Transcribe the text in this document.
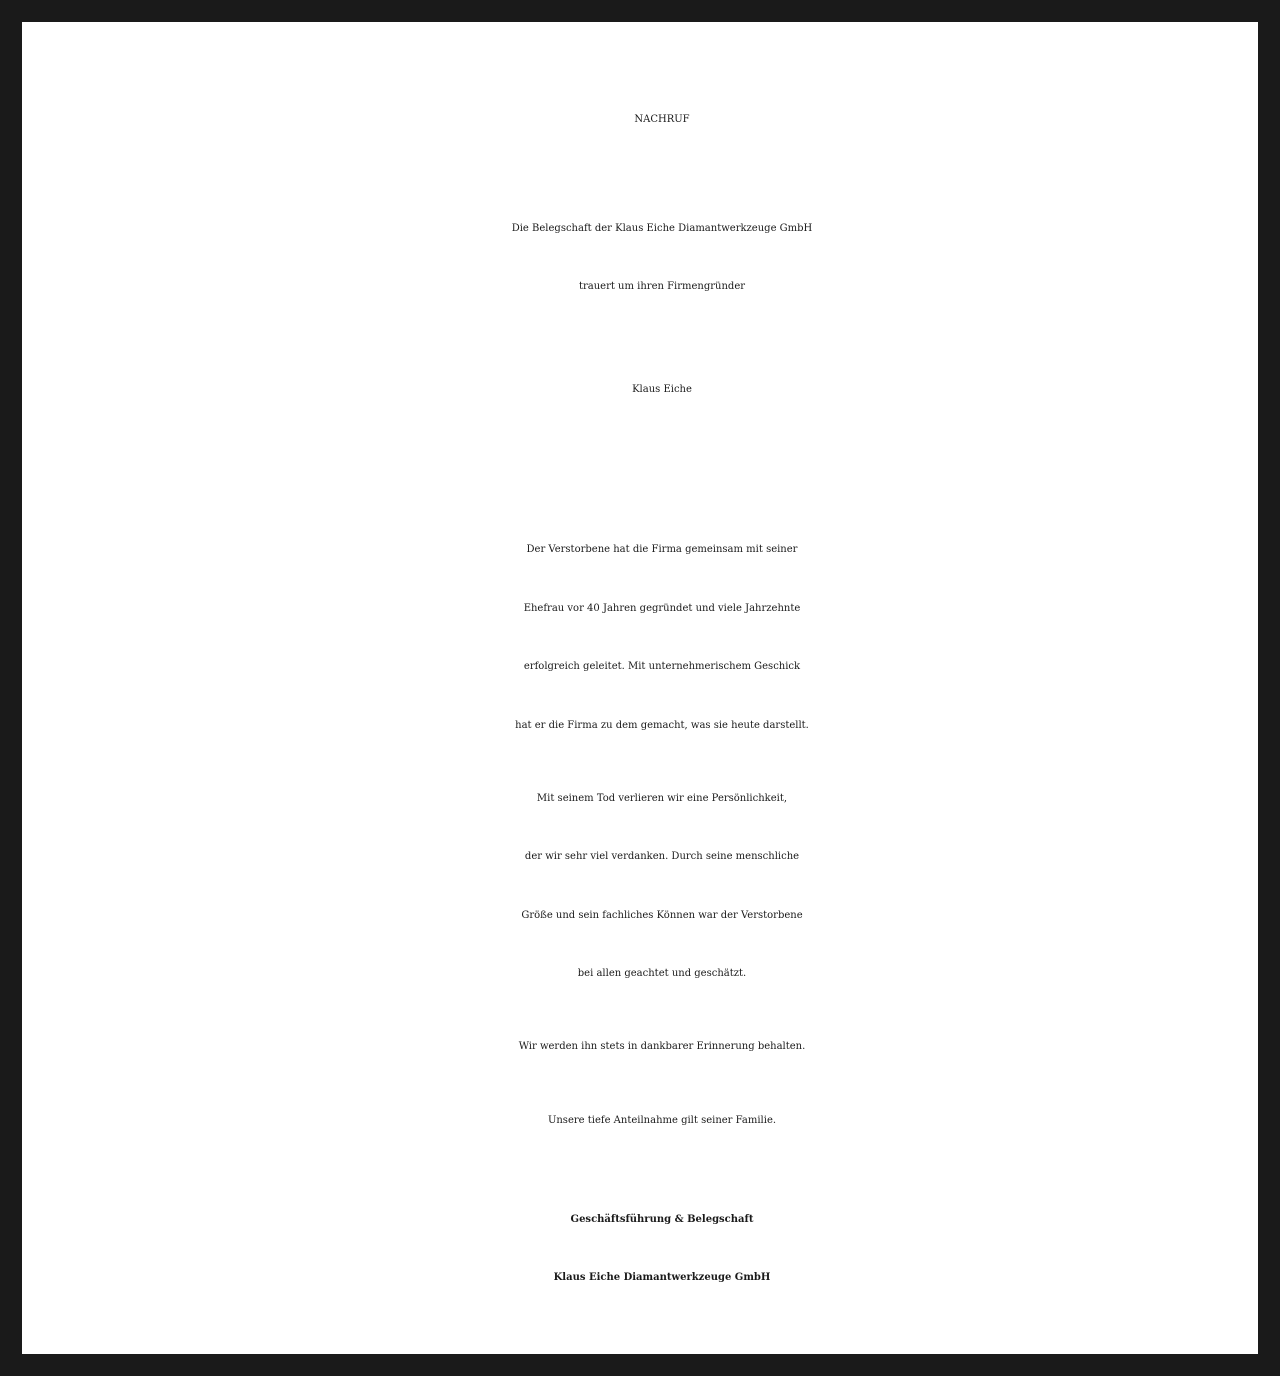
NACHRUF
Die Belegschaft der Klaus Eiche Diamantwerkzeuge GmbH
trauert um ihren Firmengründer
Klaus Eiche
Der Verstorbene hat die Firma gemeinsam mit seiner
Ehefrau vor 40 Jahren gegründet und viele Jahrzehnte
erfolgreich geleitet. Mit unternehmerischem Geschick
hat er die Firma zu dem gemacht, was sie heute darstellt.
Mit seinem Tod verlieren wir eine Persönlichkeit,
der wir sehr viel verdanken. Durch seine menschliche
Größe und sein fachliches Können war der Verstorbene
bei allen geachtet und geschätzt.
Wir werden ihn stets in dankbarer Erinnerung behalten.
Unsere tiefe Anteilnahme gilt seiner Familie.
Geschäftsführung & Belegschaft
Klaus Eiche Diamantwerkzeuge GmbH
